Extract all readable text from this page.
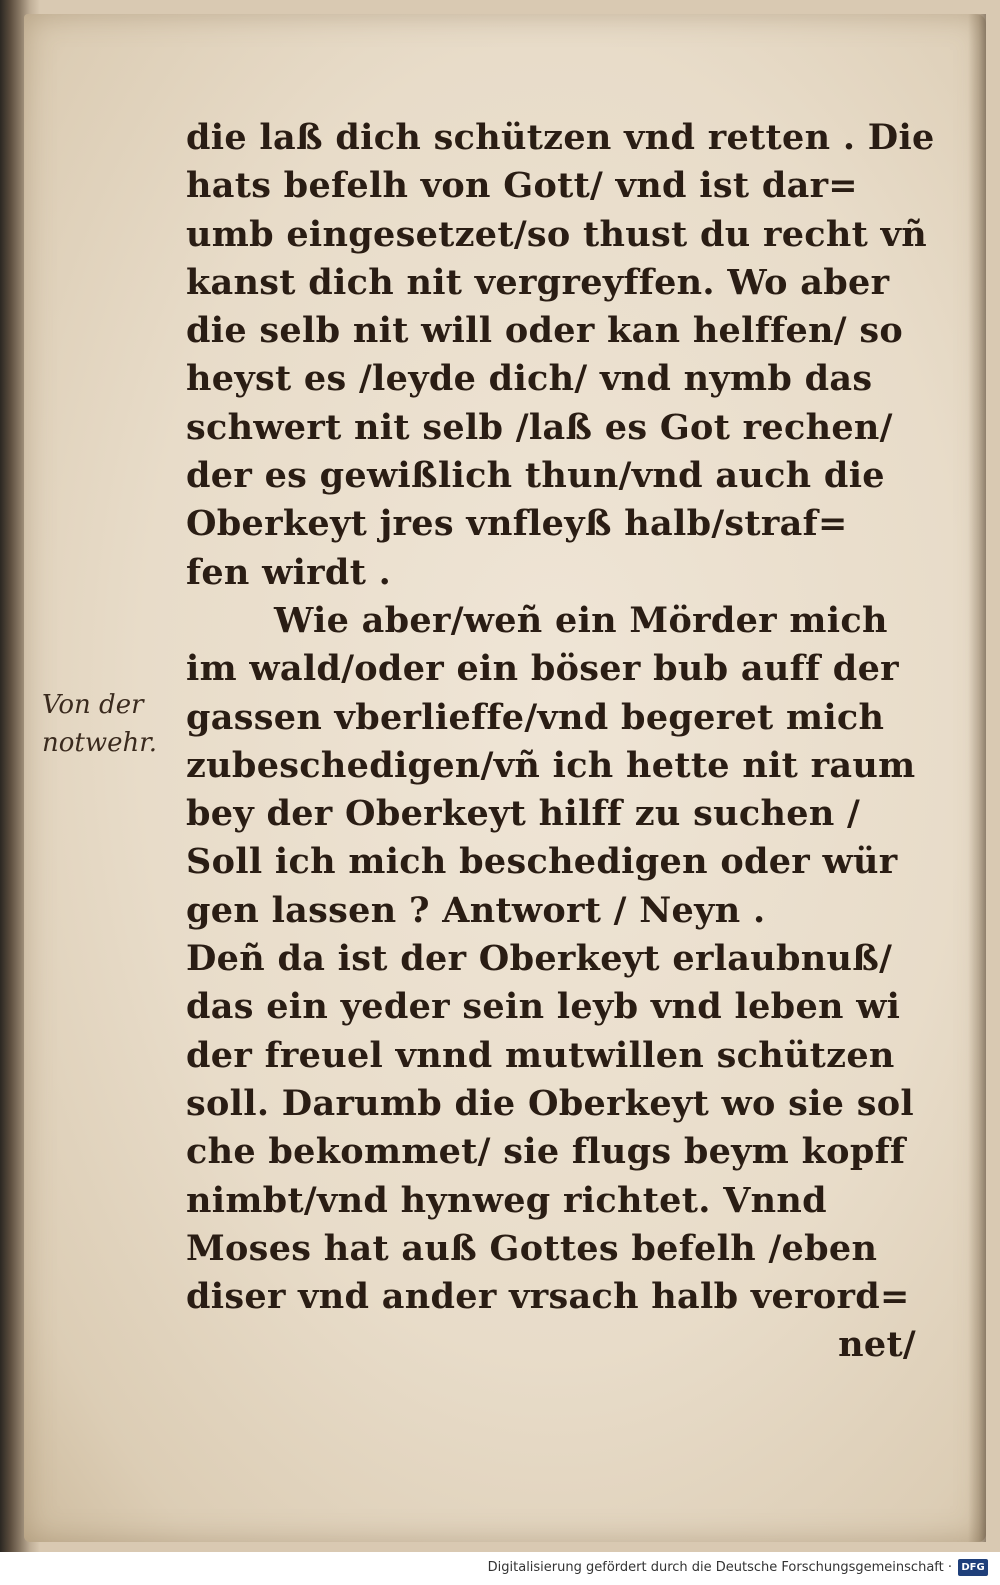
Von der
notwehr.
die laß dich schützen vnd retten . Die
hats befelh von Gott/ vnd ist dar=
umb eingesetzet/so thust du recht vñ
kanst dich nit vergreyffen. Wo aber
die selb nit will oder kan helffen/ so
heyst es /leyde dich/ vnd nymb das
schwert nit selb /laß es Got rechen/
der es gewißlich thun/vnd auch die
Oberkeyt jres vnfleyß halb/straf=
fen wirdt .
Wie aber/weñ ein Mörder mich
im wald/oder ein böser bub auff der
gassen vberlieffe/vnd begeret mich
zubeschedigen/vñ ich hette nit raum
bey der Oberkeyt hilff zu suchen /
Soll ich mich beschedigen oder wür
gen lassen ? Antwort / Neyn .
Deñ da ist der Oberkeyt erlaubnuß/
das ein yeder sein leyb vnd leben wi
der freuel vnnd mutwillen schützen
soll. Darumb die Oberkeyt wo sie sol
che bekommet/ sie flugs beym kopff
nimbt/vnd hynweg richtet. Vnnd
Moses hat auß Gottes befelh /eben
diser vnd ander vrsach halb verord=
net/
Digitalisierung gefördert durch die Deutsche Forschungsgemeinschaft · DFG
